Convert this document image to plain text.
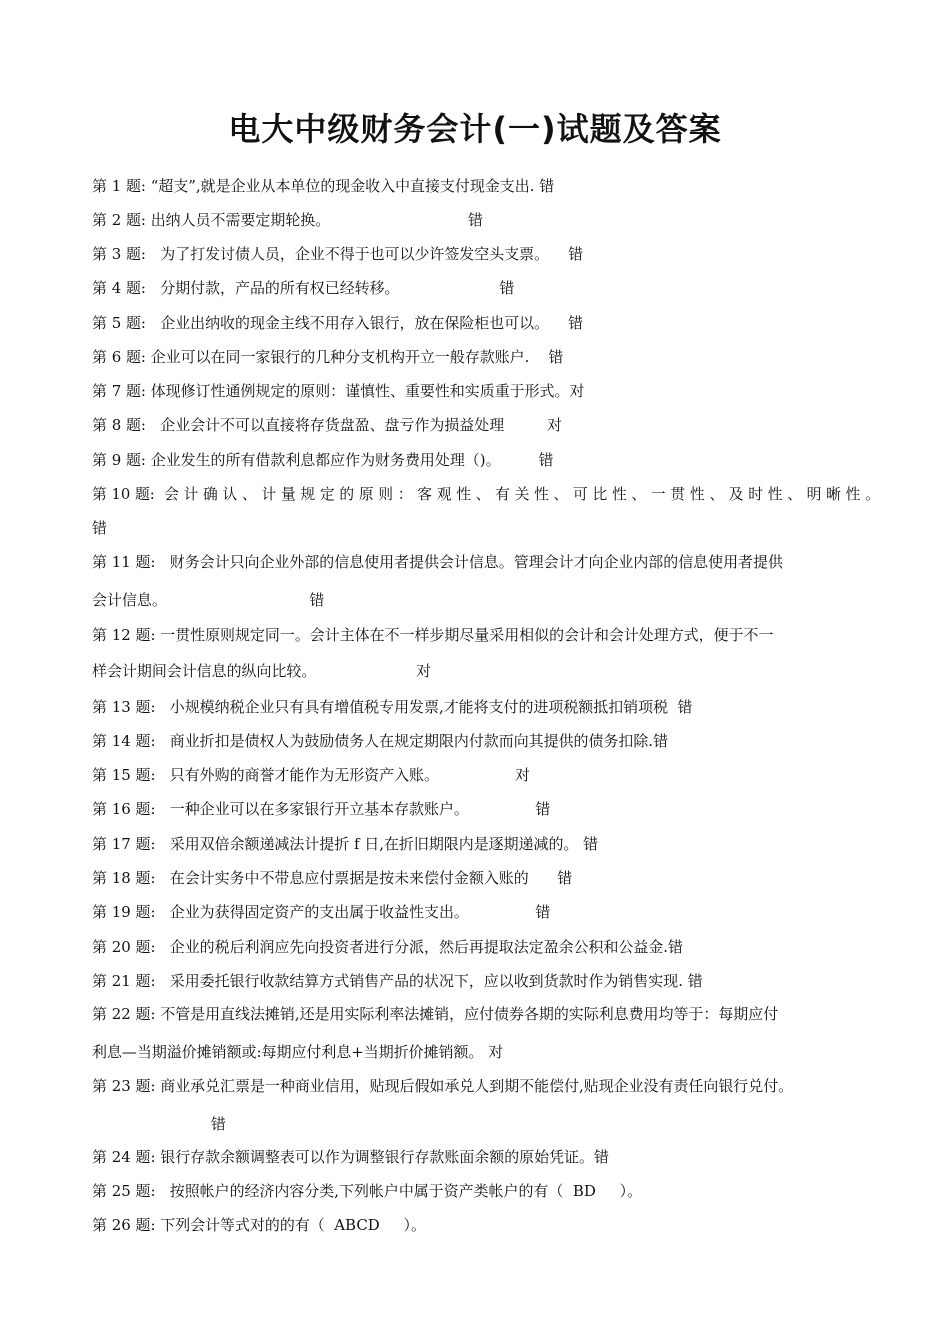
电大中级财务会计(一)试题及答案
第 1 题: “超支”,就是企业从本单位的现金收入中直接支付现金支出. 错
第 2 题: 出纳人员不需要定期轮换。                             错
第 3 题:   为了打发讨债人员，企业不得于也可以少许签发空头支票。    错
第 4 题:   分期付款，产品的所有权已经转移。                     错
第 5 题:   企业出纳收的现金主线不用存入银行，放在保险柜也可以。    错
第 6 题: 企业可以在同一家银行的几种分支机构开立一般存款账户.    错
第 7 题: 体现修订性通例规定的原则：谨慎性、重要性和实质重于形式。对
第 8 题:   企业会计不可以直接将存货盘盈、盘亏作为损益处理         对
第 9 题: 企业发生的所有借款利息都应作为财务费用处理（)。        错
第 10 题:  会 计 确 认 、 计 量 规 定 的 原 则 ： 客 观 性 、 有 关 性 、 可 比 性 、 一 贯 性 、 及 时 性 、 明 晰 性 。
错
第 11 题:   财务会计只向企业外部的信息使用者提供会计信息。管理会计才向企业内部的信息使用者提供
会计信息。                              错
第 12 题: 一贯性原则规定同一。会计主体在不一样步期尽量采用相似的会计和会计处理方式，便于不一
样会计期间会计信息的纵向比较。                     对
第 13 题:   小规模纳税企业只有具有增值税专用发票,才能将支付的进项税额抵扣销项税  错
第 14 题:   商业折扣是债权人为鼓励债务人在规定期限内付款而向其提供的债务扣除.错
第 15 题:   只有外购的商誉才能作为无形资产入账。                对
第 16 题:   一种企业可以在多家银行开立基本存款账户。              错
第 17 题:   采用双倍余额递减法计提折 f 日,在折旧期限内是逐期递减的。 错
第 18 题:   在会计实务中不带息应付票据是按未来偿付金额入账的      错
第 19 题:   企业为获得固定资产的支出属于收益性支出。              错
第 20 题:   企业的税后利润应先向投资者进行分派，然后再提取法定盈余公积和公益金.错
第 21 题:   采用委托银行收款结算方式销售产品的状况下，应以收到货款时作为销售实现. 错
第 22 题: 不管是用直线法摊销,还是用实际利率法摊销，应付债券各期的实际利息费用均等于：每期应付
利息—当期溢价摊销额或:每期应付利息+当期折价摊销额。 对
第 23 题: 商业承兑汇票是一种商业信用，贴现后假如承兑人到期不能偿付,贴现企业没有责任向银行兑付。
错
第 24 题: 银行存款余额调整表可以作为调整银行存款账面余额的原始凭证。错
第 25 题:   按照帐户的经济内容分类,下列帐户中属于资产类帐户的有（  BD     ）。
第 26 题: 下列会计等式对的的有（  ABCD     ）。
